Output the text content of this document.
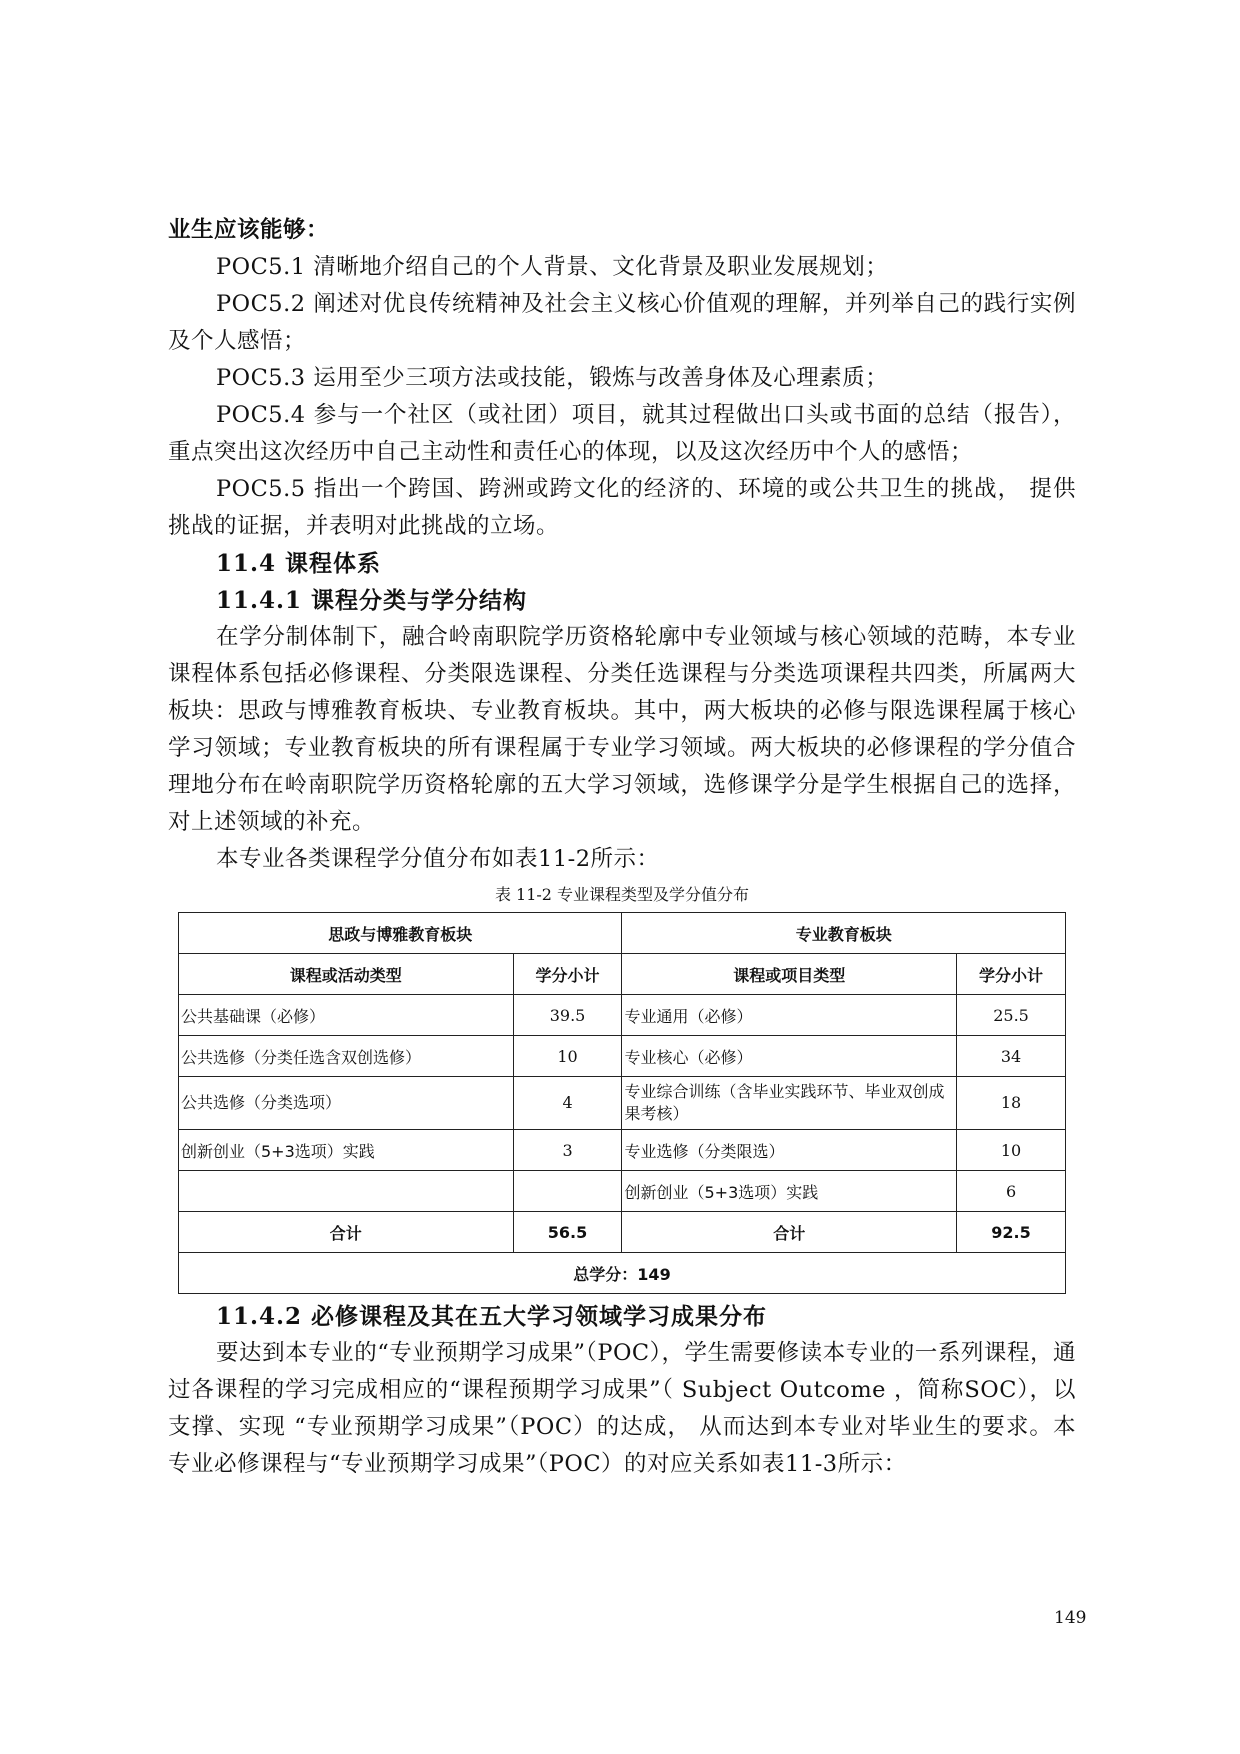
业生应该能够：

POC5.1 清晰地介绍自己的个人背景、文化背景及职业发展规划；

POC5.2 阐述对优良传统精神及社会主义核心价值观的理解，并列举自己的践行实例及个人感悟；

POC5.3 运用至少三项方法或技能，锻炼与改善身体及心理素质；

POC5.4 参与一个社区（或社团）项目，就其过程做出口头或书面的总结（报告），重点突出这次经历中自己主动性和责任心的体现，以及这次经历中个人的感悟；

POC5.5 指出一个跨国、跨洲或跨文化的经济的、环境的或公共卫生的挑战， 提供挑战的证据，并表明对此挑战的立场。

11.4 课程体系

11.4.1 课程分类与学分结构

在学分制体制下，融合岭南职院学历资格轮廓中专业领域与核心领域的范畴，本专业课程体系包括必修课程、分类限选课程、分类任选课程与分类选项课程共四类，所属两大板块：思政与博雅教育板块、专业教育板块。其中，两大板块的必修与限选课程属于核心学习领域；专业教育板块的所有课程属于专业学习领域。两大板块的必修课程的学分值合理地分布在岭南职院学历资格轮廓的五大学习领域，选修课学分是学生根据自己的选择，对上述领域的补充。

本专业各类课程学分值分布如表11-2所示：

表 11-2 专业课程类型及学分值分布
思政与博雅教育板块		专业教育板块	
课程或活动类型	学分小计	课程或项目类型	学分小计
公共基础课（必修）	39.5	专业通用（必修）	25.5
公共选修（分类任选含双创选修）	10	专业核心（必修）	34
公共选修（分类选项）	4	专业综合训练（含毕业实践环节、毕业双创成果考核）	18
创新创业（5+3选项）实践	3	专业选修（分类限选）	10
		创新创业（5+3选项）实践	6
合计	56.5	合计	92.5
总学分：149			

11.4.2 必修课程及其在五大学习领域学习成果分布

要达到本专业的“专业预期学习成果”（POC），学生需要修读本专业的一系列课程，通过各课程的学习完成相应的“课程预期学习成果”（ Subject Outcome ，简称SOC），以支撑、实现 “专业预期学习成果”（POC）的达成， 从而达到本专业对毕业生的要求。本专业必修课程与“专业预期学习成果”（POC）的对应关系如表11-3所示：

149
